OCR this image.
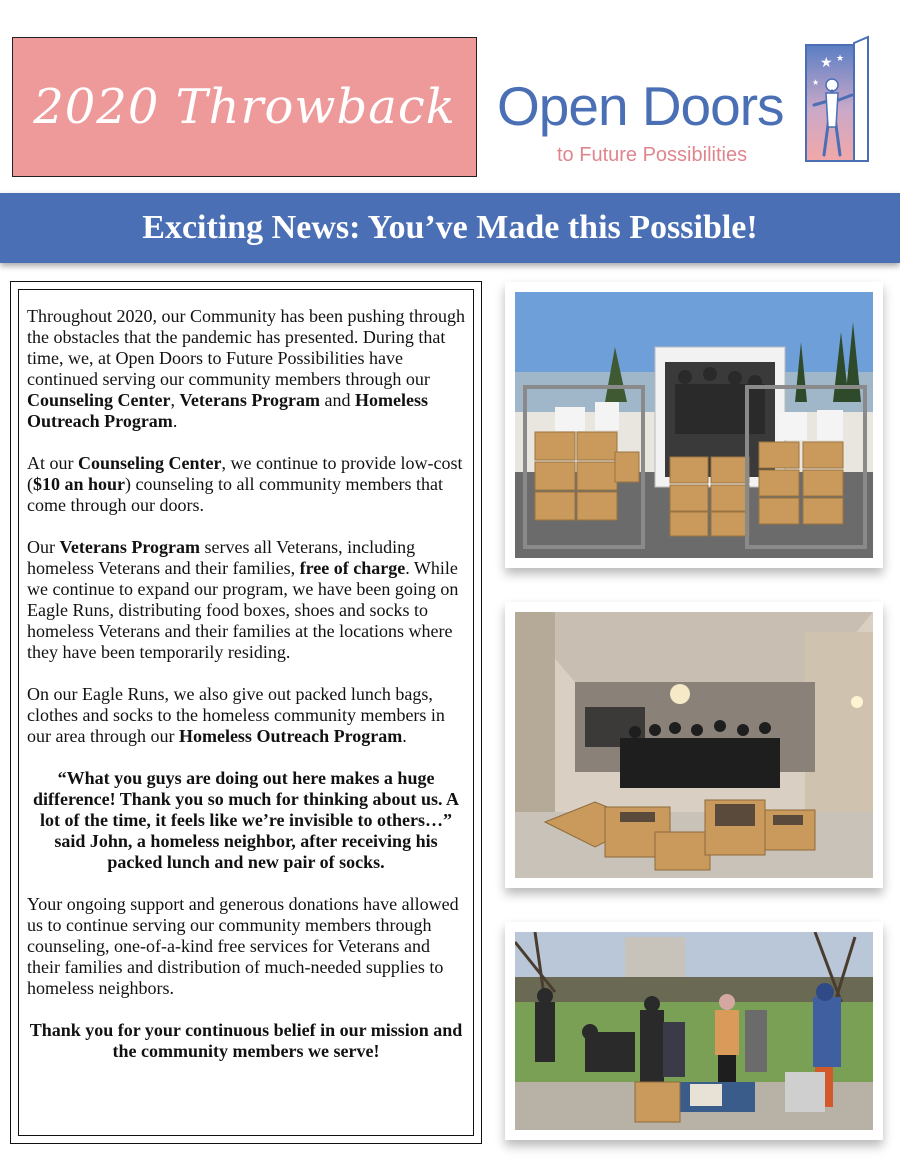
2020 Throwback Open Doors
to Future Possibilities
★ ★
★
Exciting News: You’ve Made this Possible!

Throughout 2020, our Community has been pushing through the obstacles that the pandemic has presented. During that time, we, at Open Doors to Future Possibilities have continued serving our community members through our Counseling Center, Veterans Program and Homeless Outreach Program.

At our Counseling Center, we continue to provide low-cost ($10 an hour) counseling to all community members that come through our doors.

Our Veterans Program serves all Veterans, including homeless Veterans and their families, free of charge. While we continue to expand our program, we have been going on Eagle Runs, distributing food boxes, shoes and socks to homeless Veterans and their families at the locations where they have been temporarily residing.

On our Eagle Runs, we also give out packed lunch bags, clothes and socks to the homeless community members in our area through our Homeless Outreach Program.

“What you guys are doing out here makes a huge difference! Thank you so much for thinking about us. A lot of the time, it feels like we’re invisible to others…” said John, a homeless neighbor, after receiving his packed lunch and new pair of socks.

Your ongoing support and generous donations have allowed us to continue serving our community members through counseling, one-of-a-kind free services for Veterans and their families and distribution of much-needed supplies to homeless neighbors.

Thank you for your continuous belief in our mission and the community members we serve!
